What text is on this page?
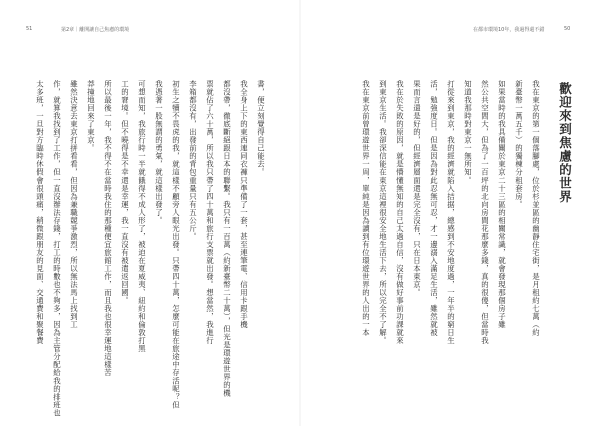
51	第2章｜離開讓自己焦慮的環境
書，便立刻覺得自己能去。
我全身上下的東西連同衣褲只準備了一套，甚至連筆電、信用卡跟手機
都沒帶，徹底斷絕跟日本的聯繫。我只有一百萬（約新臺幣二十萬），但光是環遊世界的機
票就佔了六十萬，所以我只帶了四十萬和旅行支票就出發。想當然，我進行
李箱都沒有，出發前的背包重量只有五公斤。
初生之犢不畏虎的我，就這樣不顧旁人眼光出發。只帶四十萬，怎麼可能在旅途中存活呢？但
我憑著一股無謂的勇氣，就這樣出發了。
可想而知，我旅行時一半就餓得不成人形了，被迫在夏威夷、紐約和倫敦打黑
工的窘境。但不曉得是不幸還是幸運，我一直沒有被遣返回國。
所以最後一年，我不得不在當時我住的那種便宜旅館工作，而且我也很幸運地這樣苦
莽撞地回來了東京。
雖然決意去東京打拼看看，但因為兼職競爭激烈，所以無法馬上找到工
作，就算我找到了工作，但一直沒辦法存錢，打工的時數也不夠多，因為主管分配給我的排班也
太多班，一旦對方臨時休假會很頭痛，稍微跟朋友的見面、交通費和聚餐費
在都市環境10年，我過得還不錯	50
歡迎來到焦慮的世界
我在東京的第一個落腳處，位於杉並區的幽靜住宅街，是月租約七萬（約
新臺幣一萬五千）的獨棟分租套房。
如果當時的我具備關於東京二十三區的相關常識，就會發現那個房子雖
然公共空間大，但為了一百坪的北向房間花那麼多錢，真的很傻，但當時我
知道我那時對東京一無所知。
打從來到東京，我的經濟就陷入拮据，總感到不安地度過，一年半的窮日生
活，勉強度日。但是因為對此忍無可忍，才一邊溺入滿足生活，雖然就被
果而言還是好的，但經濟層面還是完全沒有，只在日本東京。
我在於失敗的原因，就是懵懂無知的自己太過自信，沒有做好事前功課就來
到東京生活。我卻深信能在東京這裡很安全地生活下去，所以完全不了解。
我在東京前曾環遊世界一周，單純是因為讀到有位環遊世界的人出的一本
